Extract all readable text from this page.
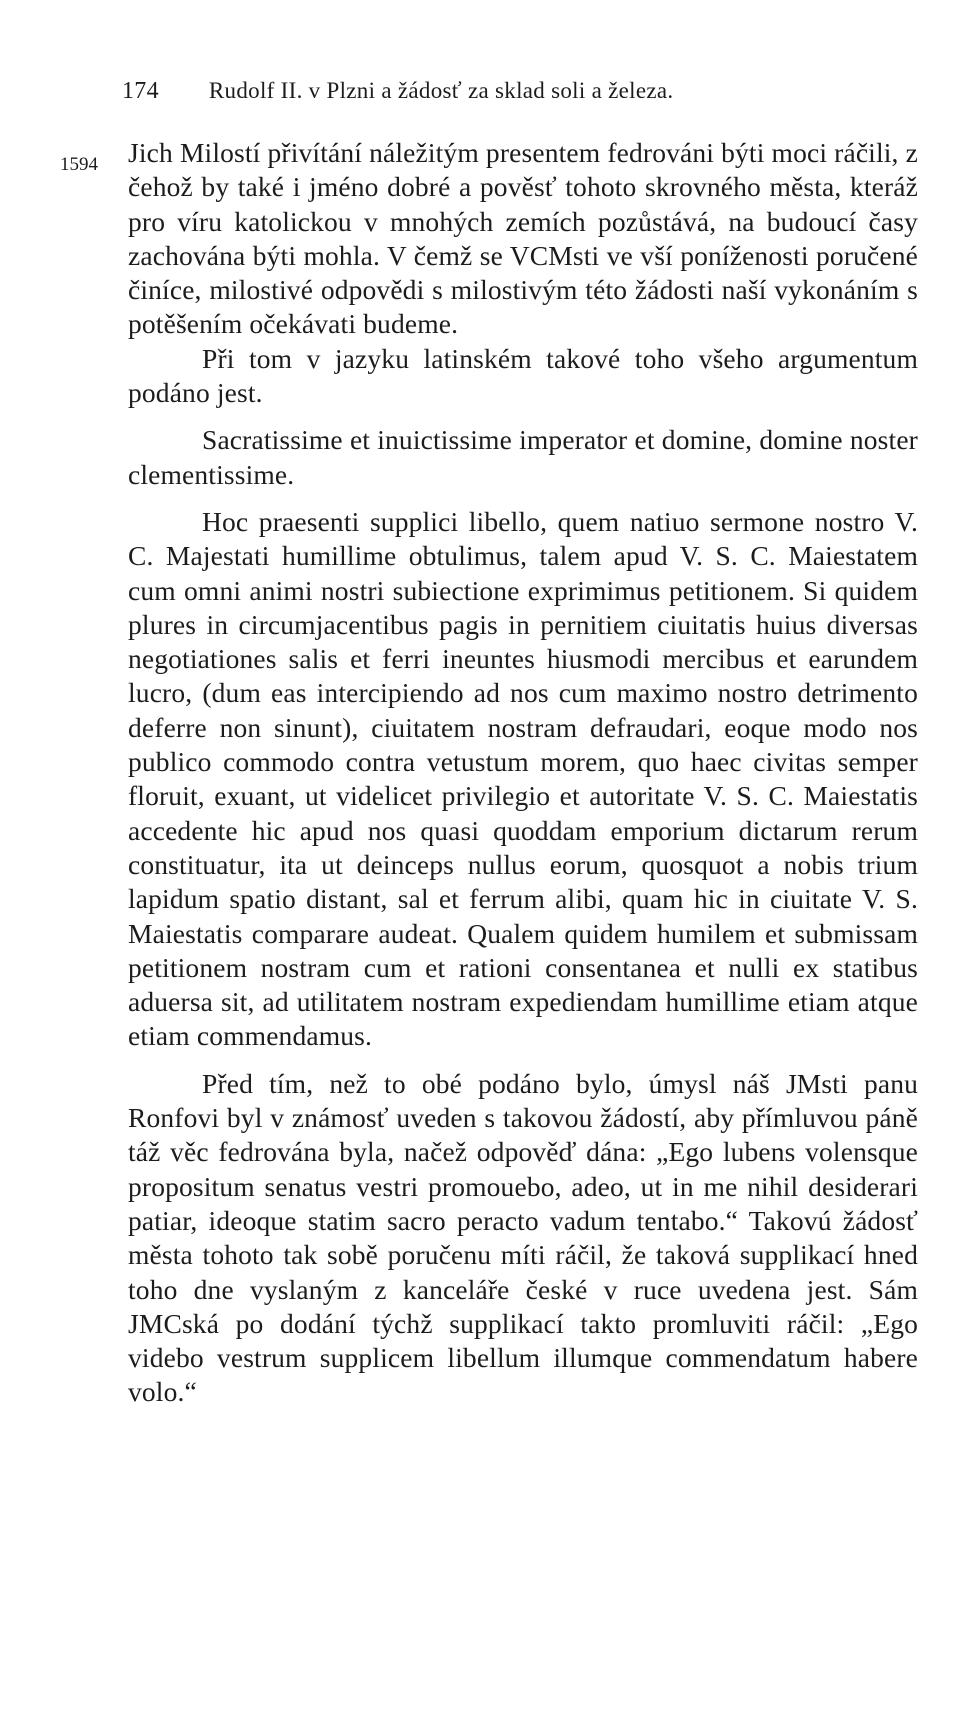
174 Rudolf II. v Plzni a žádosť za sklad soli a železa.
1594 Jich Milostí přivítání náležitým presentem fedrováni býti moci ráčili, z čehož by také i jméno dobré a pověsť tohoto skrovného města, kteráž pro víru katolickou v mnohých zemích pozůstává, na budoucí časy zachována býti mohla. V čemž se VCMsti ve vší poníženosti poručené činíce, milostivé odpovědi s milostivým této žádosti naší vykonáním s potěšením očekávati budeme.

Při tom v jazyku latinském takové toho všeho argumentum podáno jest.

Sacratissime et inuictissime imperator et domine, domine noster clementissime.

Hoc praesenti supplici libello, quem natiuo sermone nostro V. C. Majestati humillime obtulimus, talem apud V. S. C. Maiestatem cum omni animi nostri subiectione exprimimus petitionem. Si quidem plures in circumjacentibus pagis in pernitiem ciuitatis huius diversas negotiationes salis et ferri ineuntes hiusmodi mercibus et earundem lucro, (dum eas intercipiendo ad nos cum maximo nostro detrimento deferre non sinunt), ciuitatem nostram defraudari, eoque modo nos publico commodo contra vetustum morem, quo haec civitas semper floruit, exuant, ut videlicet privilegio et autoritate V. S. C. Maiestatis accedente hic apud nos quasi quoddam emporium dictarum rerum constituatur, ita ut deinceps nullus eorum, quosquot a nobis trium lapidum spatio distant, sal et ferrum alibi, quam hic in ciuitate V. S. Maiestatis comparare audeat. Qualem quidem humilem et submissam petitionem nostram cum et rationi consentanea et nulli ex statibus aduersa sit, ad utilitatem nostram expediendam humillime etiam atque etiam commendamus.

Před tím, než to obé podáno bylo, úmysl náš JMsti panu Ronfovi byl v známosť uveden s takovou žádostí, aby přímluvou páně táž věc fedrována byla, načež odpověď dána: „Ego lubens volensque propositum senatus vestri promouebo, adeo, ut in me nihil desiderari patiar, ideoque statim sacro peracto vadum tentabo.“ Takovú žádosť města tohoto tak sobě poručenu míti ráčil, že taková supplikací hned toho dne vyslaným z kanceláře české v ruce uvedena jest. Sám JMCská po dodání týchž supplikací takto promluviti ráčil: „Ego videbo vestrum supplicem libellum illumque commendatum habere volo.“
